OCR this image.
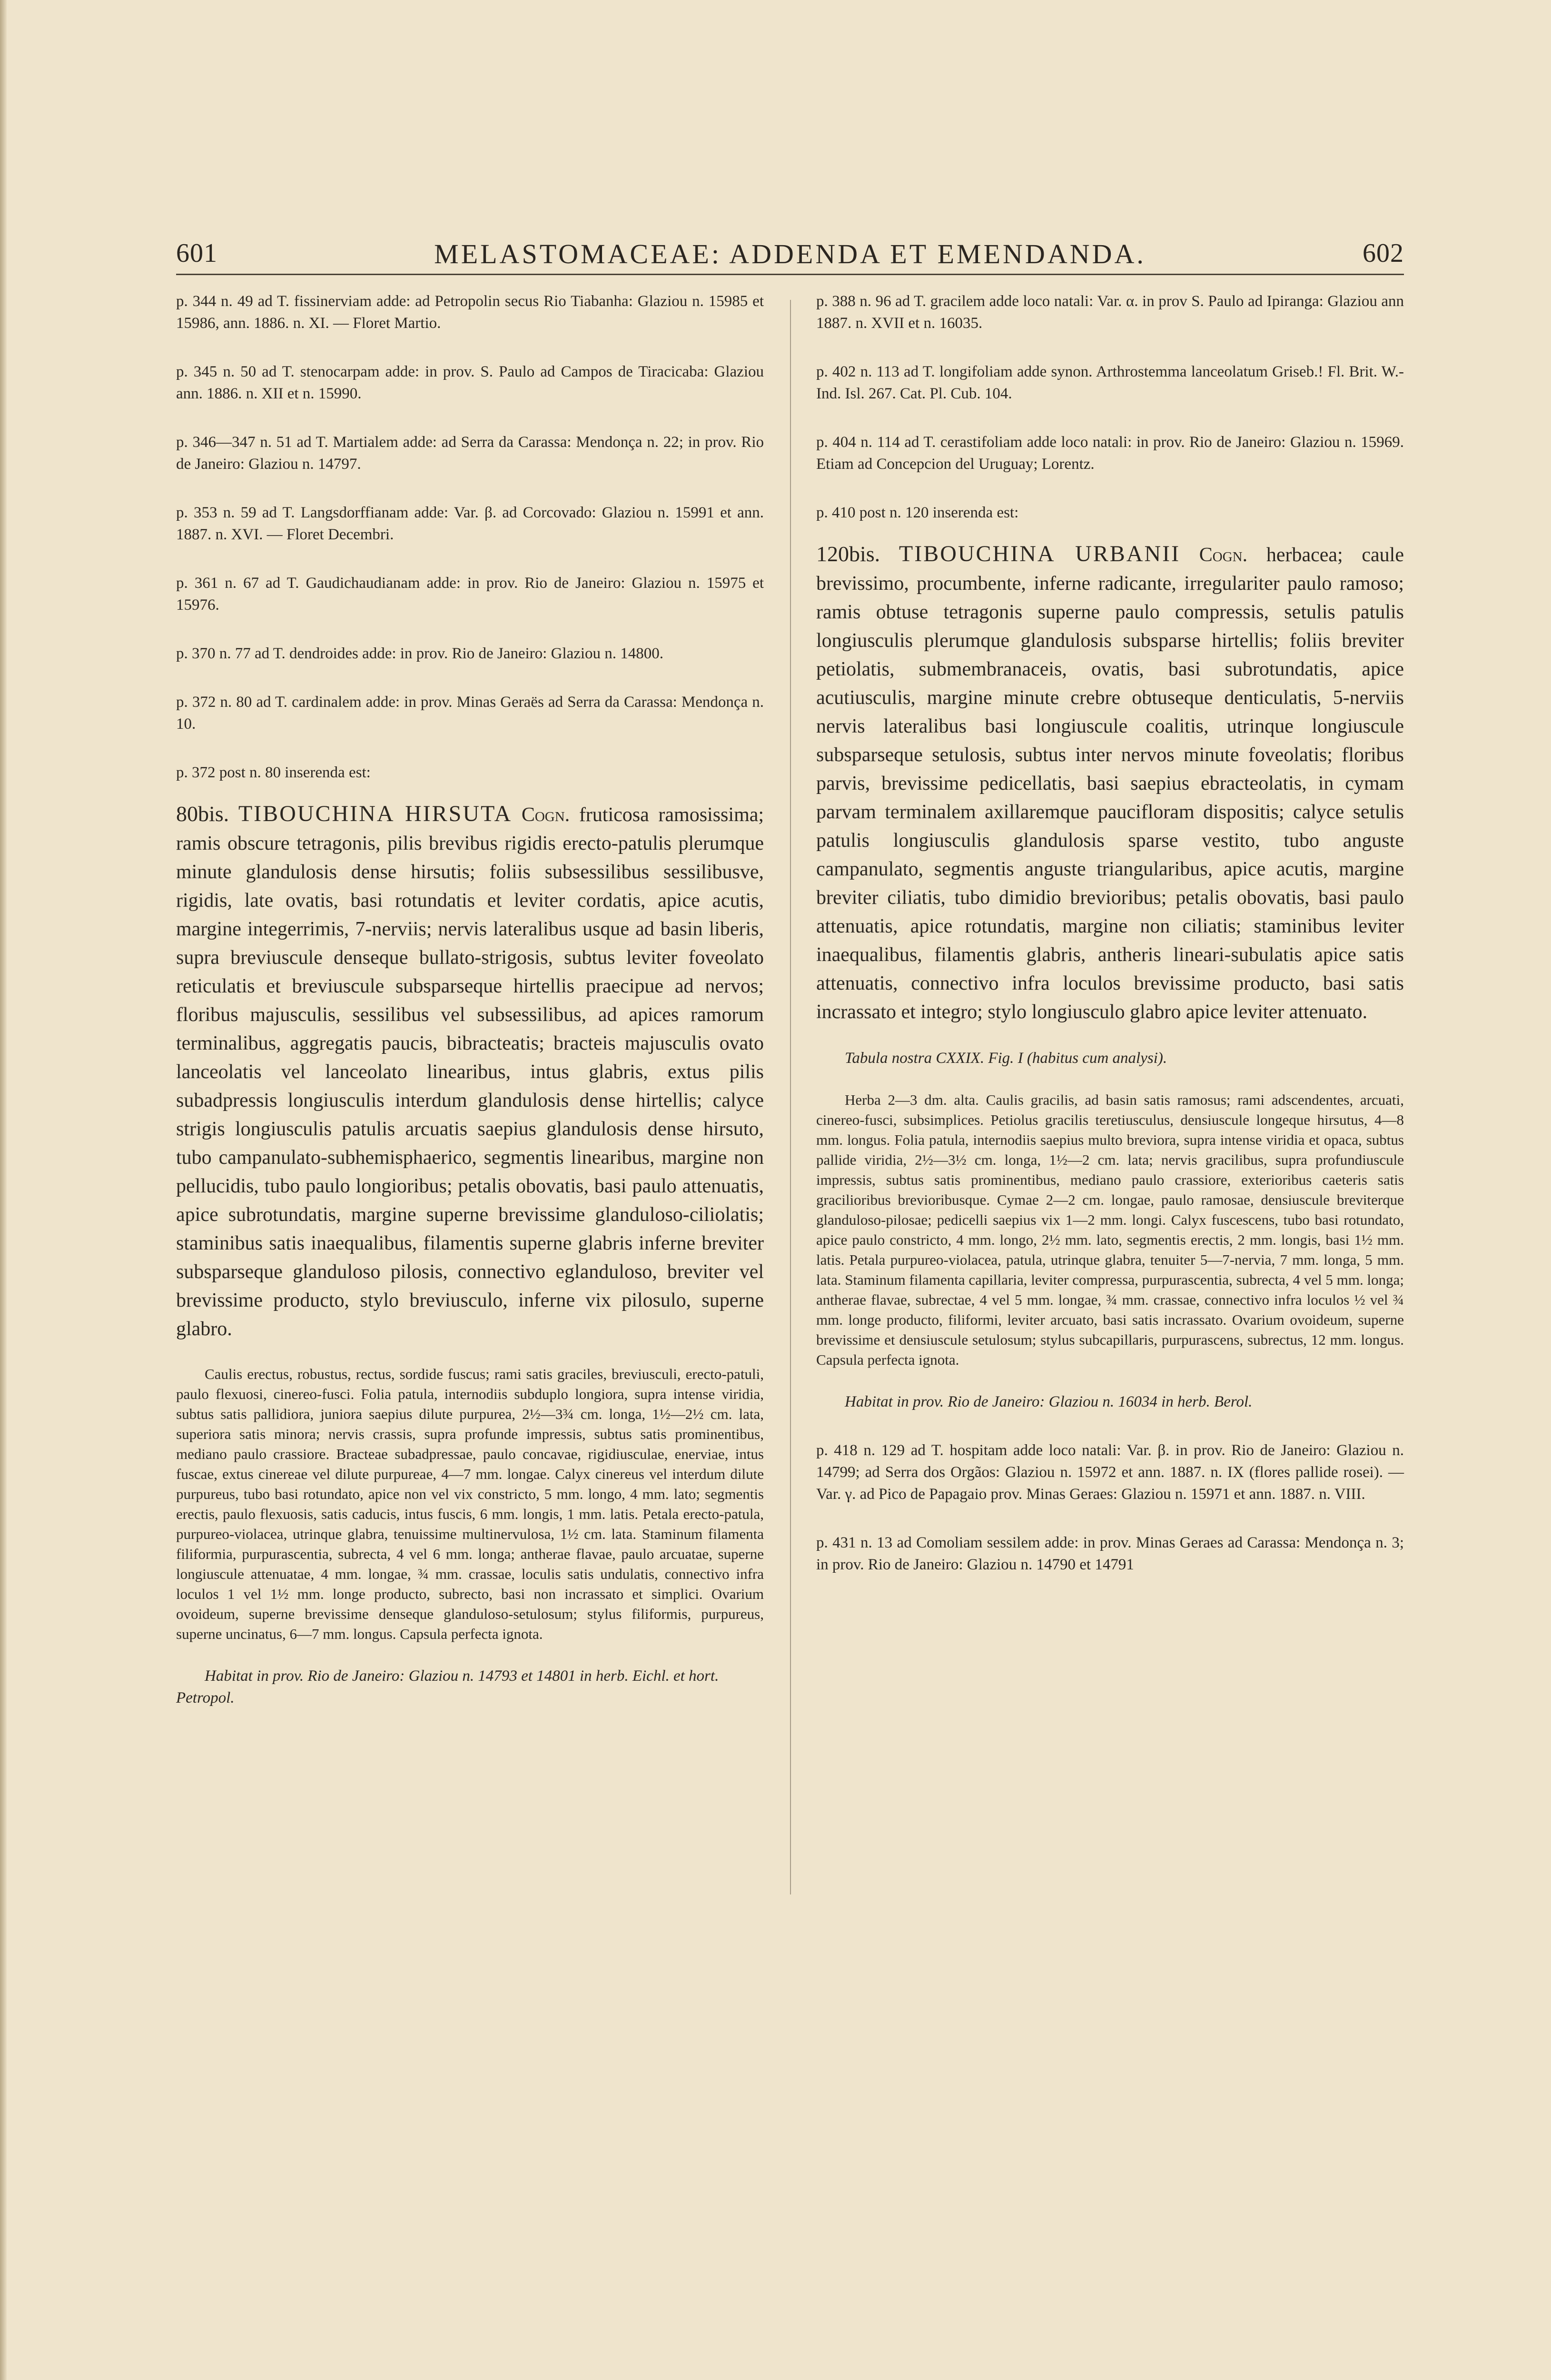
601	MELASTOMACEAE: ADDENDA ET EMENDANDA.	602

p. 344 n. 49 ad T. fissinerviam adde: ad Petropolin secus Rio Tiabanha: Glaziou n. 15985 et 15986, ann. 1886. n. XI. — Floret Martio.

p. 345 n. 50 ad T. stenocarpam adde: in prov. S. Paulo ad Campos de Tiracicaba: Glaziou ann. 1886. n. XII et n. 15990.

p. 346—347 n. 51 ad T. Martialem adde: ad Serra da Carassa: Mendonça n. 22; in prov. Rio de Janeiro: Glaziou n. 14797.

p. 353 n. 59 ad T. Langsdorffianam adde: Var. β. ad Corcovado: Glaziou n. 15991 et ann. 1887. n. XVI. — Floret Decembri.

p. 361 n. 67 ad T. Gaudichaudianam adde: in prov. Rio de Janeiro: Glaziou n. 15975 et 15976.

p. 370 n. 77 ad T. dendroides adde: in prov. Rio de Janeiro: Glaziou n. 14800.

p. 372 n. 80 ad T. cardinalem adde: in prov. Minas Geraës ad Serra da Carassa: Mendonça n. 10.

p. 372 post n. 80 inserenda est:

80bis. TIBOUCHINA HIRSUTA Cogn. fruticosa ramosissima; ramis obscure tetragonis, pilis brevibus rigidis erecto-patulis plerumque minute glandulosis dense hirsutis; foliis subsessilibus sessilibusve, rigidis, late ovatis, basi rotundatis et leviter cordatis, apice acutis, margine integerrimis, 7-nerviis; nervis lateralibus usque ad basin liberis, supra breviuscule denseque bullato-strigosis, subtus leviter foveolato reticulatis et breviuscule subsparseque hirtellis praecipue ad nervos; floribus majusculis, sessilibus vel subsessilibus, ad apices ramorum terminalibus, aggregatis paucis, bibracteatis; bracteis majusculis ovato lanceolatis vel lanceolato linearibus, intus glabris, extus pilis subadpressis longiusculis interdum glandulosis dense hirtellis; calyce strigis longiusculis patulis arcuatis saepius glandulosis dense hirsuto, tubo campanulato-subhemisphaerico, segmentis linearibus, margine non pellucidis, tubo paulo longioribus; petalis obovatis, basi paulo attenuatis, apice subrotundatis, margine superne brevissime glanduloso-ciliolatis; staminibus satis inaequalibus, filamentis superne glabris inferne breviter subsparseque glanduloso pilosis, connectivo eglanduloso, breviter vel brevissime producto, stylo breviusculo, inferne vix pilosulo, superne glabro.

Caulis erectus, robustus, rectus, sordide fuscus; rami satis graciles, breviusculi, erecto-patuli, paulo flexuosi, cinereo-fusci. Folia patula, internodiis subduplo longiora, supra intense viridia, subtus satis pallidiora, juniora saepius dilute purpurea, 2½—3¾ cm. longa, 1½—2½ cm. lata, superiora satis minora; nervis crassis, supra profunde impressis, subtus satis prominentibus, mediano paulo crassiore. Bracteae subadpressae, paulo concavae, rigidiusculae, enerviae, intus fuscae, extus cinereae vel dilute purpureae, 4—7 mm. longae. Calyx cinereus vel interdum dilute purpureus, tubo basi rotundato, apice non vel vix constricto, 5 mm. longo, 4 mm. lato; segmentis erectis, paulo flexuosis, satis caducis, intus fuscis, 6 mm. longis, 1 mm. latis. Petala erecto-patula, purpureo-violacea, utrinque glabra, tenuissime multinervulosa, 1½ cm. lata. Staminum filamenta filiformia, purpurascentia, subrecta, 4 vel 6 mm. longa; antherae flavae, paulo arcuatae, superne longiuscule attenuatae, 4 mm. longae, ¾ mm. crassae, loculis satis undulatis, connectivo infra loculos 1 vel 1½ mm. longe producto, subrecto, basi non incrassato et simplici. Ovarium ovoideum, superne brevissime denseque glanduloso-setulosum; stylus filiformis, purpureus, superne uncinatus, 6—7 mm. longus. Capsula perfecta ignota.

Habitat in prov. Rio de Janeiro: Glaziou n. 14793 et 14801 in herb. Eichl. et hort. Petropol.

p. 388 n. 96 ad T. gracilem adde loco natali: Var. α. in prov S. Paulo ad Ipiranga: Glaziou ann 1887. n. XVII et n. 16035.

p. 402 n. 113 ad T. longifoliam adde synon. Arthrostemma lanceolatum Griseb.! Fl. Brit. W.-Ind. Isl. 267. Cat. Pl. Cub. 104.

p. 404 n. 114 ad T. cerastifoliam adde loco natali: in prov. Rio de Janeiro: Glaziou n. 15969. Etiam ad Concepcion del Uruguay; Lorentz.

p. 410 post n. 120 inserenda est:

120bis. TIBOUCHINA URBANII Cogn. herbacea; caule brevissimo, procumbente, inferne radicante, irregulariter paulo ramoso; ramis obtuse tetragonis superne paulo compressis, setulis patulis longiusculis plerumque glandulosis subsparse hirtellis; foliis breviter petiolatis, submembranaceis, ovatis, basi subrotundatis, apice acutiusculis, margine minute crebre obtuseque denticulatis, 5-nerviis nervis lateralibus basi longiuscule coalitis, utrinque longiuscule subsparseque setulosis, subtus inter nervos minute foveolatis; floribus parvis, brevissime pedicellatis, basi saepius ebracteolatis, in cymam parvam terminalem axillaremque paucifloram dispositis; calyce setulis patulis longiusculis glandulosis sparse vestito, tubo anguste campanulato, segmentis anguste triangularibus, apice acutis, margine breviter ciliatis, tubo dimidio brevioribus; petalis obovatis, basi paulo attenuatis, apice rotundatis, margine non ciliatis; staminibus leviter inaequalibus, filamentis glabris, antheris lineari-subulatis apice satis attenuatis, connectivo infra loculos brevissime producto, basi satis incrassato et integro; stylo longiusculo glabro apice leviter attenuato.

Tabula nostra CXXIX. Fig. I (habitus cum analysi).

Herba 2—3 dm. alta. Caulis gracilis, ad basin satis ramosus; rami adscendentes, arcuati, cinereo-fusci, subsimplices. Petiolus gracilis teretiusculus, densiuscule longeque hirsutus, 4—8 mm. longus. Folia patula, internodiis saepius multo breviora, supra intense viridia et opaca, subtus pallide viridia, 2½—3½ cm. longa, 1½—2 cm. lata; nervis gracilibus, supra profundiuscule impressis, subtus satis prominentibus, mediano paulo crassiore, exterioribus caeteris satis gracilioribus brevioribusque. Cymae 2—2 cm. longae, paulo ramosae, densiuscule breviterque glanduloso-pilosae; pedicelli saepius vix 1—2 mm. longi. Calyx fuscescens, tubo basi rotundato, apice paulo constricto, 4 mm. longo, 2½ mm. lato, segmentis erectis, 2 mm. longis, basi 1½ mm. latis. Petala purpureo-violacea, patula, utrinque glabra, tenuiter 5—7-nervia, 7 mm. longa, 5 mm. lata. Staminum filamenta capillaria, leviter compressa, purpurascentia, subrecta, 4 vel 5 mm. longa; antherae flavae, subrectae, 4 vel 5 mm. longae, ¾ mm. crassae, connectivo infra loculos ½ vel ¾ mm. longe producto, filiformi, leviter arcuato, basi satis incrassato. Ovarium ovoideum, superne brevissime et densiuscule setulosum; stylus subcapillaris, purpurascens, subrectus, 12 mm. longus. Capsula perfecta ignota.

Habitat in prov. Rio de Janeiro: Glaziou n. 16034 in herb. Berol.

p. 418 n. 129 ad T. hospitam adde loco natali: Var. β. in prov. Rio de Janeiro: Glaziou n. 14799; ad Serra dos Orgãos: Glaziou n. 15972 et ann. 1887. n. IX (flores pallide rosei). — Var. γ. ad Pico de Papagaio prov. Minas Geraes: Glaziou n. 15971 et ann. 1887. n. VIII.

p. 431 n. 13 ad Comoliam sessilem adde: in prov. Minas Geraes ad Carassa: Mendonça n. 3; in prov. Rio de Janeiro: Glaziou n. 14790 et 14791
